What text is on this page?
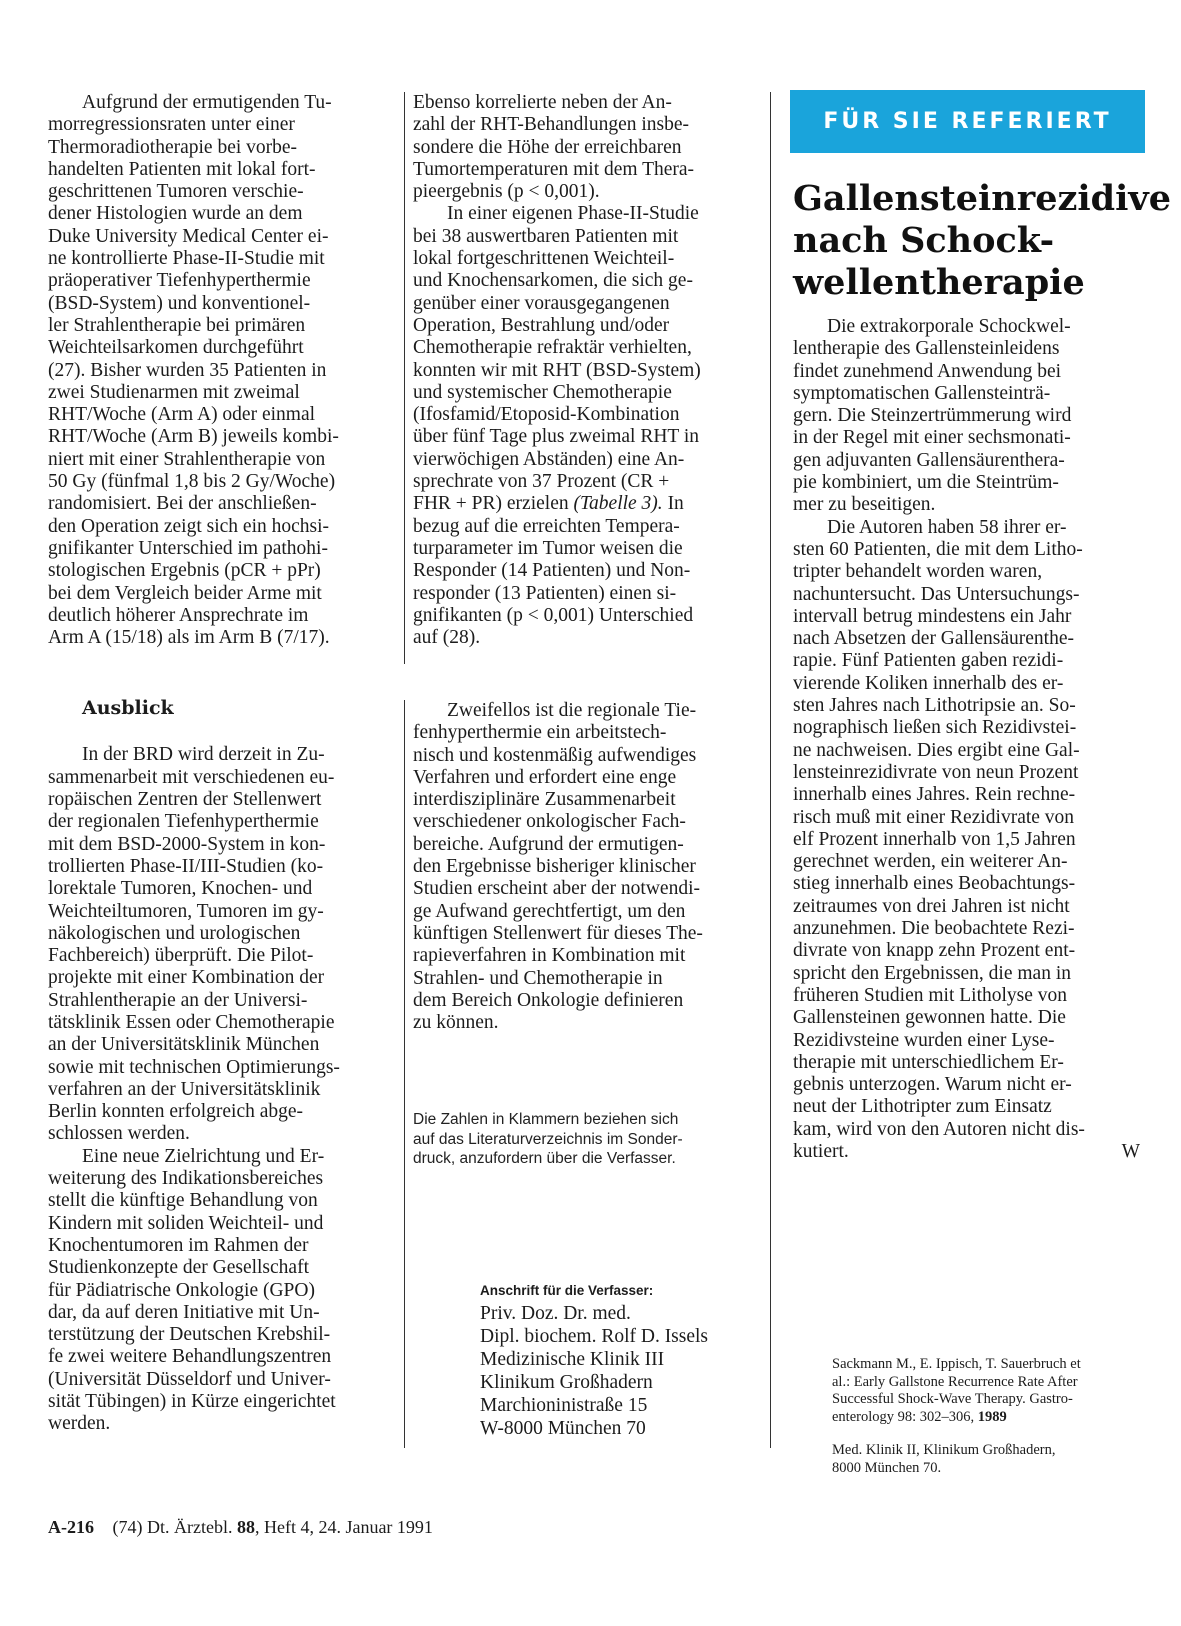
Aufgrund der ermutigenden Tu-
morregressionsraten unter einer
Thermoradiotherapie bei vorbe-
handelten Patienten mit lokal fort-
geschrittenen Tumoren verschie-
dener Histologien wurde an dem
Duke University Medical Center ei-
ne kontrollierte Phase-II-Studie mit
präoperativer Tiefenhyperthermie
(BSD-System) und konventionel-
ler Strahlentherapie bei primären
Weichteilsarkomen durchgeführt
(27). Bisher wurden 35 Patienten in
zwei Studienarmen mit zweimal
RHT/Woche (Arm A) oder einmal
RHT/Woche (Arm B) jeweils kombi-
niert mit einer Strahlentherapie von
50 Gy (fünfmal 1,8 bis 2 Gy/Woche)
randomisiert. Bei der anschließen-
den Operation zeigt sich ein hochsi-
gnifikanter Unterschied im pathohi-
stologischen Ergebnis (pCR + pPr)
bei dem Vergleich beider Arme mit
deutlich höherer Ansprechrate im
Arm A (15/18) als im Arm B (7/17).

Ausblick

In der BRD wird derzeit in Zu-
sammenarbeit mit verschiedenen eu-
ropäischen Zentren der Stellenwert
der regionalen Tiefenhyperthermie
mit dem BSD-2000-System in kon-
trollierten Phase-II/III-Studien (ko-
lorektale Tumoren, Knochen- und
Weichteiltumoren, Tumoren im gy-
näkologischen und urologischen
Fachbereich) überprüft. Die Pilot-
projekte mit einer Kombination der
Strahlentherapie an der Universi-
tätsklinik Essen oder Chemotherapie
an der Universitätsklinik München
sowie mit technischen Optimierungs-
verfahren an der Universitätsklinik
Berlin konnten erfolgreich abge-
schlossen werden.

Eine neue Zielrichtung und Er-
weiterung des Indikationsbereiches
stellt die künftige Behandlung von
Kindern mit soliden Weichteil- und
Knochentumoren im Rahmen der
Studienkonzepte der Gesellschaft
für Pädiatrische Onkologie (GPO)
dar, da auf deren Initiative mit Un-
terstützung der Deutschen Krebshil-
fe zwei weitere Behandlungszentren
(Universität Düsseldorf und Univer-
sität Tübingen) in Kürze eingerichtet
werden.

Ebenso korrelierte neben der An-
zahl der RHT-Behandlungen insbe-
sondere die Höhe der erreichbaren
Tumortemperaturen mit dem Thera-
pieergebnis (p < 0,001).

In einer eigenen Phase-II-Studie
bei 38 auswertbaren Patienten mit
lokal fortgeschrittenen Weichteil-
und Knochensarkomen, die sich ge-
genüber einer vorausgegangenen
Operation, Bestrahlung und/oder
Chemotherapie refraktär verhielten,
konnten wir mit RHT (BSD-System)
und systemischer Chemotherapie
(Ifosfamid/Etoposid-Kombination
über fünf Tage plus zweimal RHT in
vierwöchigen Abständen) eine An-
sprechrate von 37 Prozent (CR +
FHR + PR) erzielen (Tabelle 3). In
bezug auf die erreichten Tempera-
turparameter im Tumor weisen die
Responder (14 Patienten) und Non-
responder (13 Patienten) einen si-
gnifikanten (p < 0,001) Unterschied
auf (28).

Zweifellos ist die regionale Tie-
fenhyperthermie ein arbeitstech-
nisch und kostenmäßig aufwendiges
Verfahren und erfordert eine enge
interdisziplinäre Zusammenarbeit
verschiedener onkologischer Fach-
bereiche. Aufgrund der ermutigen-
den Ergebnisse bisheriger klinischer
Studien erscheint aber der notwendi-
ge Aufwand gerechtfertigt, um den
künftigen Stellenwert für dieses The-
rapieverfahren in Kombination mit
Strahlen- und Chemotherapie in
dem Bereich Onkologie definieren
zu können.

Die Zahlen in Klammern beziehen sich
auf das Literaturverzeichnis im Sonder-
druck, anzufordern über die Verfasser.

Anschrift für die Verfasser:

Priv. Doz. Dr. med.
Dipl. biochem. Rolf D. Issels
Medizinische Klinik III
Klinikum Großhadern
Marchioninistraße 15
W-8000 München 70

FÜR SIE REFERIERT
Gallensteinrezidive
nach Schock-
wellentherapie

Die extrakorporale Schockwel-
lentherapie des Gallensteinleidens
findet zunehmend Anwendung bei
symptomatischen Gallensteinträ-
gern. Die Steinzertrümmerung wird
in der Regel mit einer sechsmonati-
gen adjuvanten Gallensäurenthera-
pie kombiniert, um die Steintrüm-
mer zu beseitigen.

Die Autoren haben 58 ihrer er-
sten 60 Patienten, die mit dem Litho-
tripter behandelt worden waren,
nachuntersucht. Das Untersuchungs-
intervall betrug mindestens ein Jahr
nach Absetzen der Gallensäurenthe-
rapie. Fünf Patienten gaben rezidi-
vierende Koliken innerhalb des er-
sten Jahres nach Lithotripsie an. So-
nographisch ließen sich Rezidivstei-
ne nachweisen. Dies ergibt eine Gal-
lensteinrezidivrate von neun Prozent
innerhalb eines Jahres. Rein rechne-
risch muß mit einer Rezidivrate von
elf Prozent innerhalb von 1,5 Jahren
gerechnet werden, ein weiterer An-
stieg innerhalb eines Beobachtungs-
zeitraumes von drei Jahren ist nicht
anzunehmen. Die beobachtete Rezi-
divrate von knapp zehn Prozent ent-
spricht den Ergebnissen, die man in
früheren Studien mit Litholyse von
Gallensteinen gewonnen hatte. Die
Rezidivsteine wurden einer Lyse-
therapie mit unterschiedlichem Er-
gebnis unterzogen. Warum nicht er-
neut der Lithotripter zum Einsatz
kam, wird von den Autoren nicht dis-
kutiert.	W

Sackmann M., E. Ippisch, T. Sauerbruch et
al.: Early Gallstone Recurrence Rate After
Successful Shock-Wave Therapy. Gastro-
enterology 98: 302–306, 1989

Med. Klinik II, Klinikum Großhadern,
8000 München 70.

A-216 (74) Dt. Ärztebl. 88, Heft 4, 24. Januar 1991
